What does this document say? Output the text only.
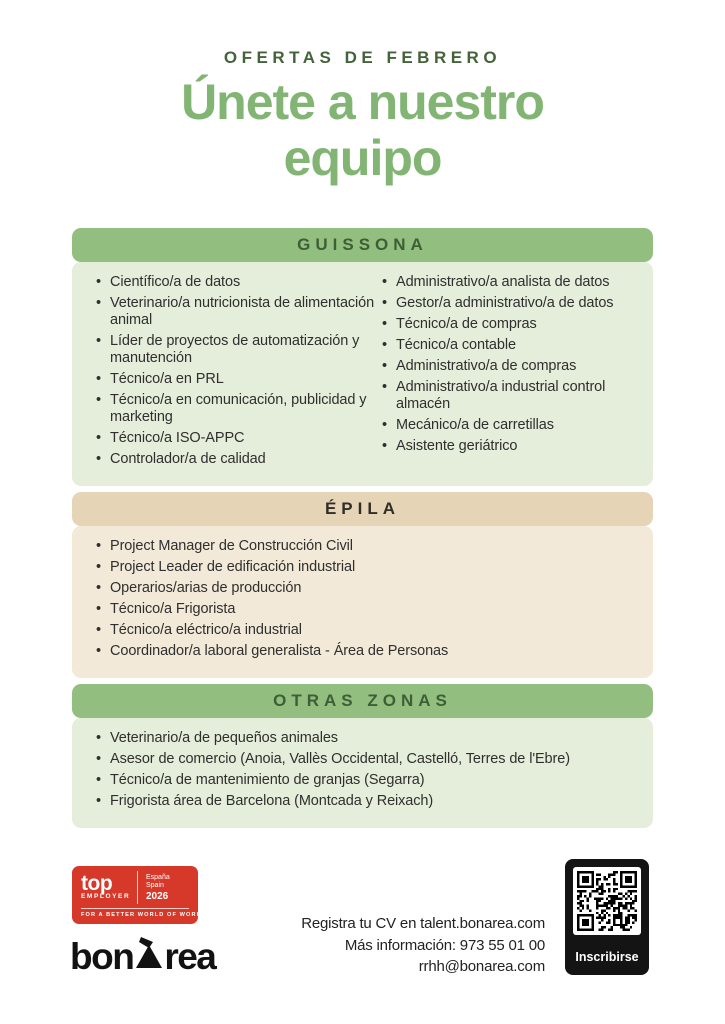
OFERTAS DE FEBRERO
Únete a nuestro
equipo
GUISSONA
• Científico/a de datos
• Veterinario/a nutricionista de alimentación animal
• Líder de proyectos de automatización y manutención
• Técnico/a en PRL
• Técnico/a en comunicación, publicidad y marketing
• Técnico/a ISO-APPC
• Controlador/a de calidad
• Administrativo/a analista de datos
• Gestor/a administrativo/a de datos
• Técnico/a de compras
• Técnico/a contable
• Administrativo/a de compras
• Administrativo/a industrial control almacén
• Mecánico/a de carretillas
• Asistente geriátrico
ÉPILA
• Project Manager de Construcción Civil
• Project Leader de edificación industrial
• Operarios/arias de producción
• Técnico/a Frigorista
• Técnico/a eléctrico/a industrial
• Coordinador/a laboral generalista - Área de Personas
OTRAS ZONAS
• Veterinario/a de pequeños animales
• Asesor de comercio (Anoia, Vallès Occidental, Castelló, Terres de l'Ebre)
• Técnico/a de mantenimiento de granjas (Segarra)
• Frigorista área de Barcelona (Montcada y Reixach)
top
EMPLOYER
España
Spain
2026
FOR A BETTER WORLD OF WORK
bon rea
Registra tu CV en talent.bonarea.com
Más información: 973 55 01 00
rrhh@bonarea.com
Inscribirse
